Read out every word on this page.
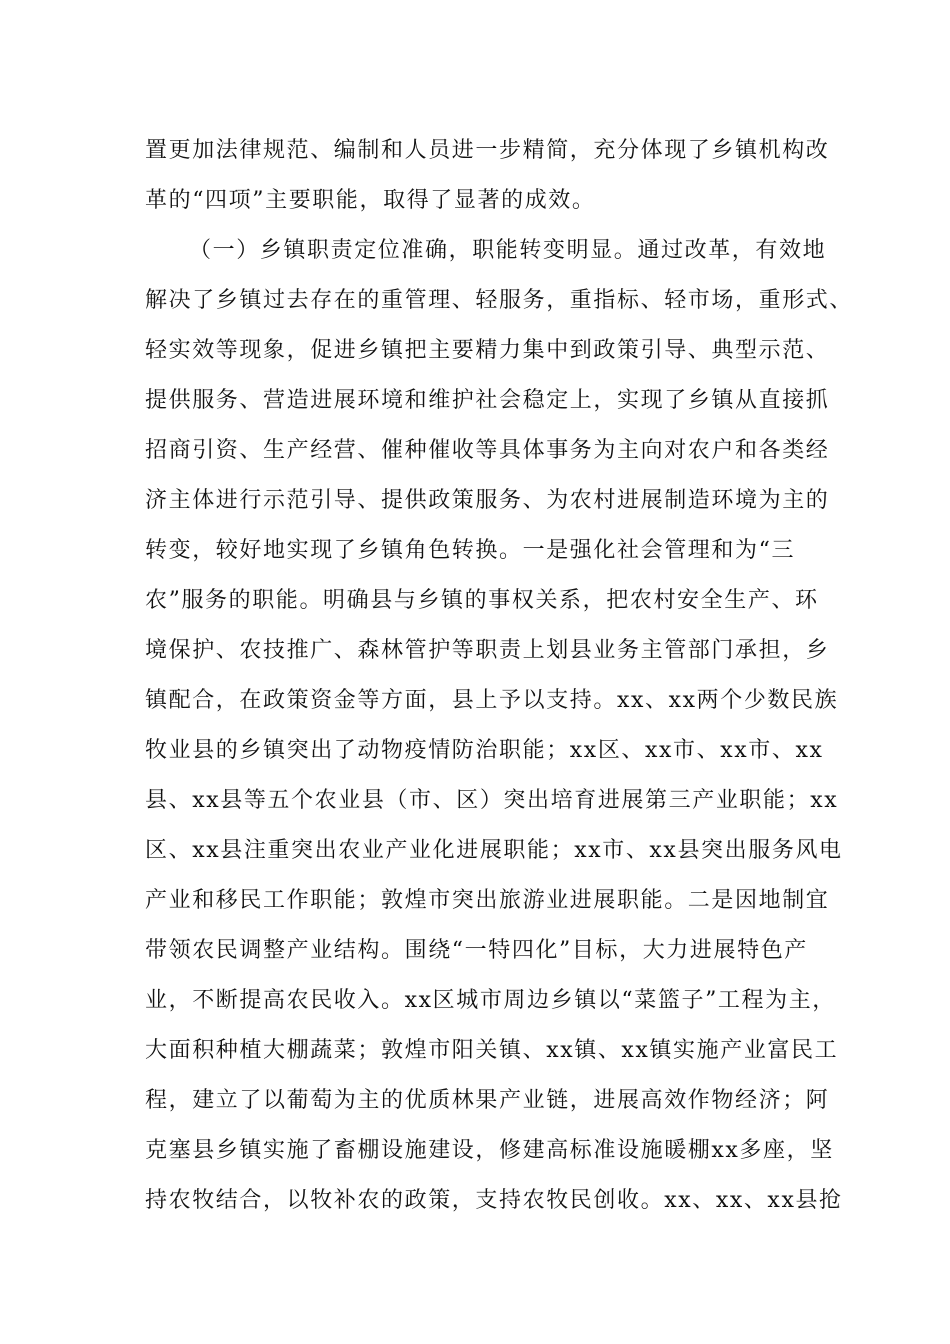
置更加法律规范、编制和人员进一步精简，充分体现了乡镇机构改
革的“四项”主要职能，取得了显著的成效。
（一）乡镇职责定位准确，职能转变明显。通过改革，有效地
解决了乡镇过去存在的重管理、轻服务，重指标、轻市场，重形式、
轻实效等现象，促进乡镇把主要精力集中到政策引导、典型示范、
提供服务、营造进展环境和维护社会稳定上，实现了乡镇从直接抓
招商引资、生产经营、催种催收等具体事务为主向对农户和各类经
济主体进行示范引导、提供政策服务、为农村进展制造环境为主的
转变，较好地实现了乡镇角色转换。一是强化社会管理和为“三
农”服务的职能。明确县与乡镇的事权关系，把农村安全生产、环
境保护、农技推广、森林管护等职责上划县业务主管部门承担，乡
镇配合，在政策资金等方面，县上予以支持。xx、xx两个少数民族
牧业县的乡镇突出了动物疫情防治职能；xx区、xx市、xx市、xx
县、xx县等五个农业县（市、区）突出培育进展第三产业职能；xx
区、xx县注重突出农业产业化进展职能；xx市、xx县突出服务风电
产业和移民工作职能；敦煌市突出旅游业进展职能。二是因地制宜
带领农民调整产业结构。围绕“一特四化”目标，大力进展特色产
业，不断提高农民收入。xx区城市周边乡镇以“菜篮子”工程为主，
大面积种植大棚蔬菜；敦煌市阳关镇、xx镇、xx镇实施产业富民工
程，建立了以葡萄为主的优质林果产业链，进展高效作物经济；阿
克塞县乡镇实施了畜棚设施建设，修建高标准设施暖棚xx多座，坚
持农牧结合，以牧补农的政策，支持农牧民创收。xx、xx、xx县抢
